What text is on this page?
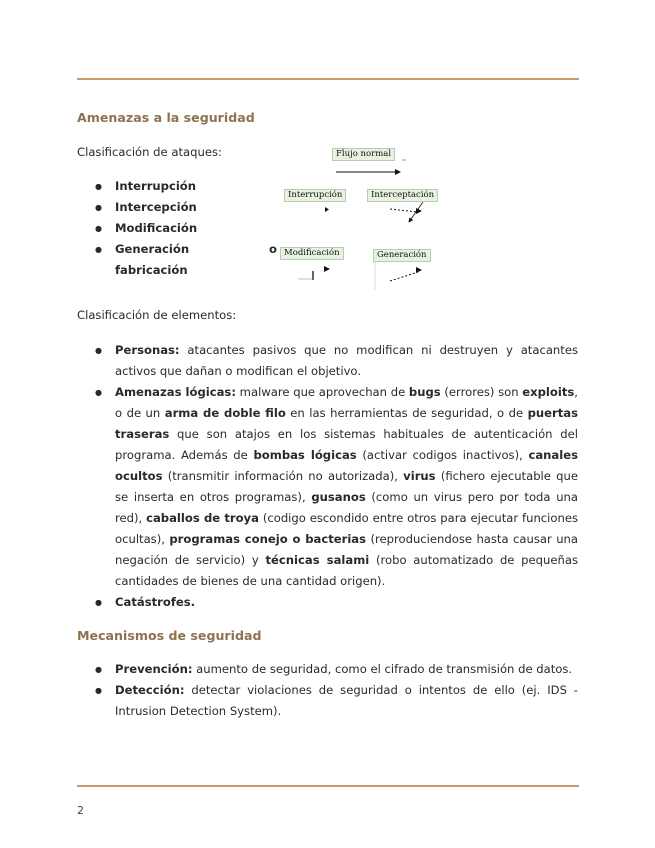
Amenazas a la seguridad

Clasificación de ataques:

● Interrupción
● Intercepción
● Modificación
● Generación o fabricación
Flujo normal
Interrupción	Interceptación
Modificación	Generación

Clasificación de elementos:

● Personas: atacantes pasivos que no modifican ni destruyen y atacantes activos que dañan o modifican el objetivo.
● Amenazas lógicas: malware que aprovechan de bugs (errores) son exploits, o de un arma de doble filo en las herramientas de seguridad, o de puertas traseras que son atajos en los sistemas habituales de autenticación del programa. Además de bombas lógicas (activar codigos inactivos), canales ocultos (transmitir información no autorizada), virus (fichero ejecutable que se inserta en otros programas), gusanos (como un virus pero por toda una red), caballos de troya (codigo escondido entre otros para ejecutar funciones ocultas), programas conejo o bacterias (reproduciendose hasta causar una negación de servicio) y técnicas salami (robo automatizado de pequeñas cantidades de bienes de una cantidad origen).
● Catástrofes.
Mecanismos de seguridad
● Prevención: aumento de seguridad, como el cifrado de transmisión de datos.
● Detección: detectar violaciones de seguridad o intentos de ello (ej. IDS - Intrusion Detection System).
2
